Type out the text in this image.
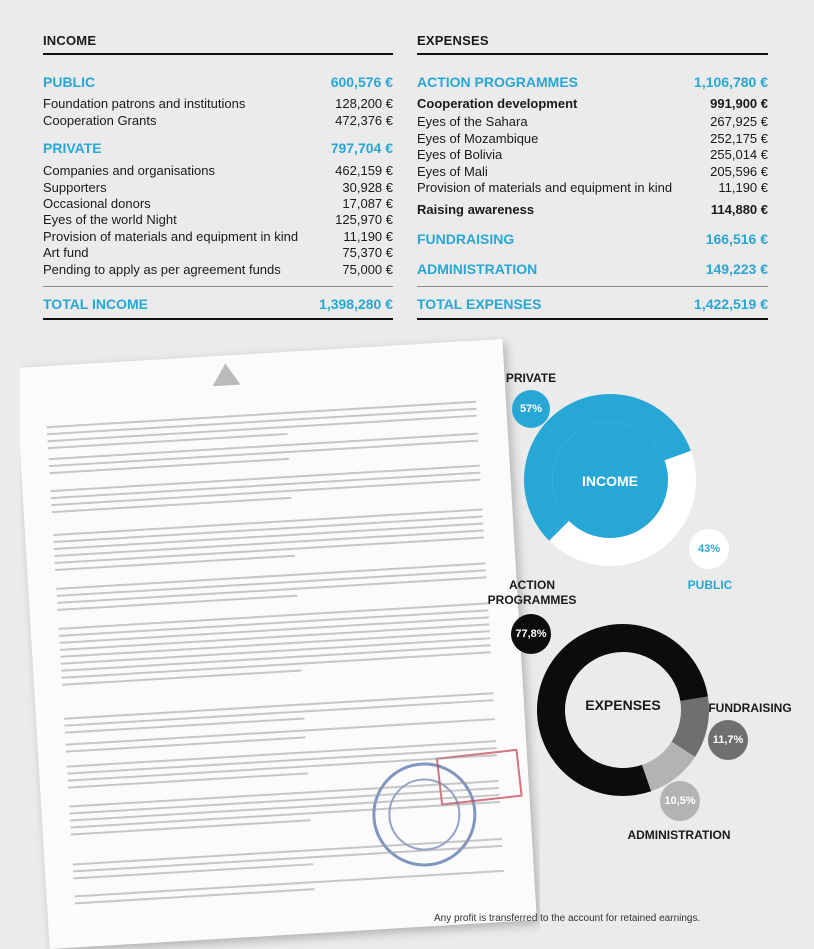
INCOME
PUBLIC	600,576 €
Foundation patrons and institutions	128,200 €
Cooperation Grants	472,376 €
PRIVATE	797,704 €
Companies and organisations	462,159 €
Supporters	30,928 €
Occasional donors	17,087 €
Eyes of the world Night	125,970 €
Provision of materials and equipment in kind	11,190 €
Art fund	75,370 €
Pending to apply as per agreement funds	75,000 €
TOTAL INCOME	1,398,280 €
EXPENSES
ACTION PROGRAMMES	1,106,780 €
Cooperation development	991,900 €
Eyes of the Sahara	267,925 €
Eyes of Mozambique	252,175 €
Eyes of Bolivia	255,014 €
Eyes of Mali	205,596 €
Provision of materials and equipment in kind	11,190 €
Raising awareness	114,880 €
FUNDRAISING	166,516 €
ADMINISTRATION	149,223 €
TOTAL EXPENSES	1,422,519 €
INCOME
PRIVATE
57%
43%
PUBLIC
EXPENSES
ACTION
PROGRAMMES
77,8%
FUNDRAISING
11,7%
10,5%
ADMINISTRATION
Any profit is transferred to the account for retained earnings.
